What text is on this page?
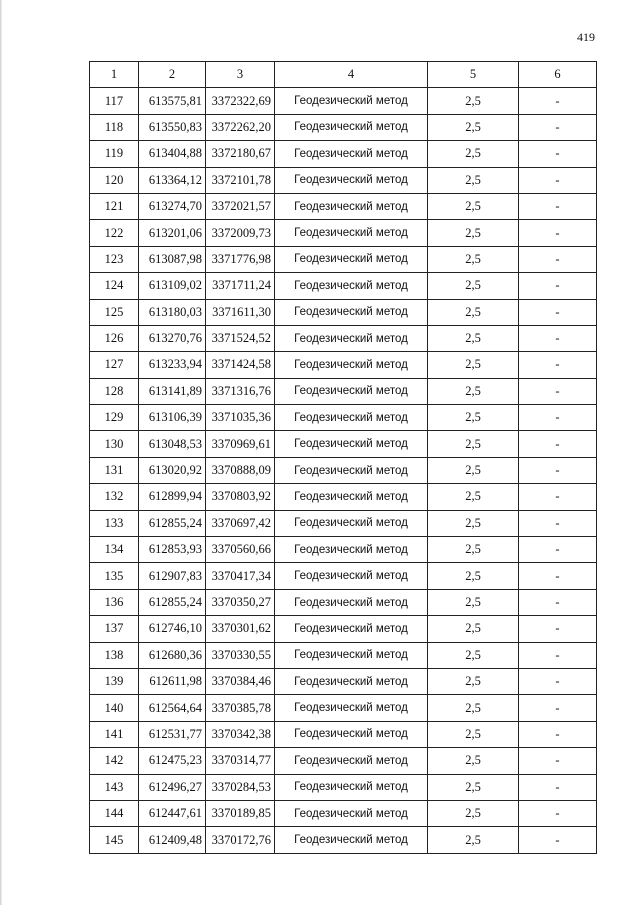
419
1	2	3	4	5	6
117	613575,81	3372322,69	Геодезический метод	2,5	-
118	613550,83	3372262,20	Геодезический метод	2,5	-
119	613404,88	3372180,67	Геодезический метод	2,5	-
120	613364,12	3372101,78	Геодезический метод	2,5	-
121	613274,70	3372021,57	Геодезический метод	2,5	-
122	613201,06	3372009,73	Геодезический метод	2,5	-
123	613087,98	3371776,98	Геодезический метод	2,5	-
124	613109,02	3371711,24	Геодезический метод	2,5	-
125	613180,03	3371611,30	Геодезический метод	2,5	-
126	613270,76	3371524,52	Геодезический метод	2,5	-
127	613233,94	3371424,58	Геодезический метод	2,5	-
128	613141,89	3371316,76	Геодезический метод	2,5	-
129	613106,39	3371035,36	Геодезический метод	2,5	-
130	613048,53	3370969,61	Геодезический метод	2,5	-
131	613020,92	3370888,09	Геодезический метод	2,5	-
132	612899,94	3370803,92	Геодезический метод	2,5	-
133	612855,24	3370697,42	Геодезический метод	2,5	-
134	612853,93	3370560,66	Геодезический метод	2,5	-
135	612907,83	3370417,34	Геодезический метод	2,5	-
136	612855,24	3370350,27	Геодезический метод	2,5	-
137	612746,10	3370301,62	Геодезический метод	2,5	-
138	612680,36	3370330,55	Геодезический метод	2,5	-
139	612611,98	3370384,46	Геодезический метод	2,5	-
140	612564,64	3370385,78	Геодезический метод	2,5	-
141	612531,77	3370342,38	Геодезический метод	2,5	-
142	612475,23	3370314,77	Геодезический метод	2,5	-
143	612496,27	3370284,53	Геодезический метод	2,5	-
144	612447,61	3370189,85	Геодезический метод	2,5	-
145	612409,48	3370172,76	Геодезический метод	2,5	-
